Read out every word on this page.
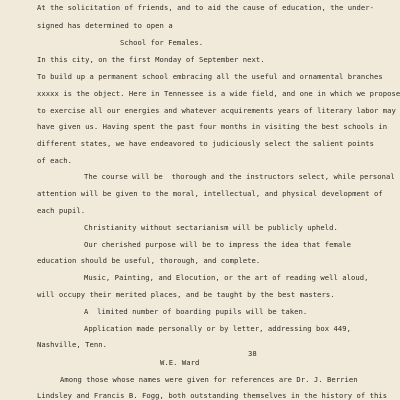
At the solicitation of friends, and to aid the cause of education, the under-
signed has determined to open a
School for Females.
In this city, on the first Monday of September next.
To build up a permanent school embracing all the useful and ornamental branches
xxxxx is the object. Here in Tennessee is a wide field, and one in which we propose
to exercise all our energies and whatever acquirements years of literary labor may
have given us. Having spent the past four months in visiting the best schools in
different states, we have endeavored to judiciously select the salient points
of each.
The course will be  thorough and the instructors select, while personal
attention will be given to the moral, intellectual, and physical development of
each pupil.
Christianity without sectarianism will be publicly upheld.
Our cherished purpose will be to impress the idea that female
education should be useful, thorough, and complete.
Music, Painting, and Elocution, or the art of reading well aloud,
will occupy their merited places, and be taught by the best masters.
A  limited number of boarding pupils will be taken.
Application made personally or by letter, addressing box 449,
Nashville, Tenn.
W.E. Ward
38
Among those whose names were given for references are Dr. J. Berrien
Lindsley and Francis B. Fogg, both outstanding themselves in the history of this
